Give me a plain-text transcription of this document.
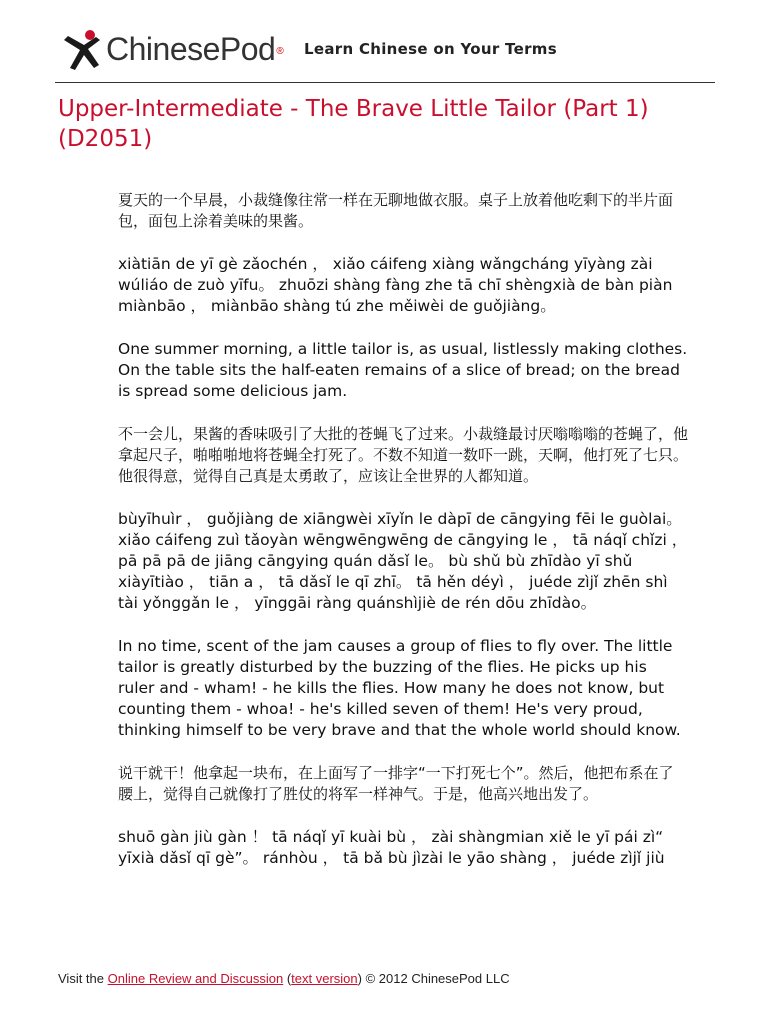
ChinesePod® Learn Chinese on Your Terms
Upper-Intermediate - The Brave Little Tailor (Part 1)(D2051)

夏天的一个早晨，小裁缝像往常一样在无聊地做衣服。桌子上放着他吃剩下的半片面包，面包上涂着美味的果酱。

xiàtiān de yī gè zǎochén ， xiǎo cáifeng xiàng wǎngcháng yīyàng zài wúliáo de zuò yīfu。 zhuōzi shàng fàng zhe tā chī shèngxià de bàn piàn miànbāo ， miànbāo shàng tú zhe měiwèi de guǒjiàng。

One summer morning, a little tailor is, as usual, listlessly making clothes. On the table sits the half-eaten remains of a slice of bread; on the bread is spread some delicious jam.

不一会儿，果酱的香味吸引了大批的苍蝇飞了过来。小裁缝最讨厌嗡嗡嗡的苍蝇了，他拿起尺子，啪啪啪地将苍蝇全打死了。不数不知道一数吓一跳，天啊，他打死了七只。他很得意，觉得自己真是太勇敢了，应该让全世界的人都知道。

bùyīhuìr ， guǒjiàng de xiāngwèi xīyǐn le dàpī de cāngying fēi le guòlai。 xiǎo cáifeng zuì tǎoyàn wēngwēngwēng de cāngying le ， tā náqǐ chǐzi ， pā pā pā de jiāng cāngying quán dǎsǐ le。 bù shǔ bù zhīdào yī shǔ xiàyītiào ， tiān a ， tā dǎsǐ le qī zhī。 tā hěn déyì ， juéde zìjǐ zhēn shì tài yǒnggǎn le ， yīnggāi ràng quánshìjiè de rén dōu zhīdào。

In no time, scent of the jam causes a group of flies to fly over. The little tailor is greatly disturbed by the buzzing of the flies. He picks up his ruler and - wham! - he kills the flies. How many he does not know, but counting them - whoa! - he's killed seven of them! He's very proud, thinking himself to be very brave and that the whole world should know.

说干就干！他拿起一块布，在上面写了一排字“一下打死七个”。然后，他把布系在了腰上，觉得自己就像打了胜仗的将军一样神气。于是，他高兴地出发了。

shuō gàn jiù gàn ！ tā náqǐ yī kuài bù ， zài shàngmian xiě le yī pái zì“ yīxià dǎsǐ qī gè”。 ránhòu ， tā bǎ bù jìzài le yāo shàng ， juéde zìjǐ jiù

Visit the Online Review and Discussion (text version) © 2012 ChinesePod LLC
